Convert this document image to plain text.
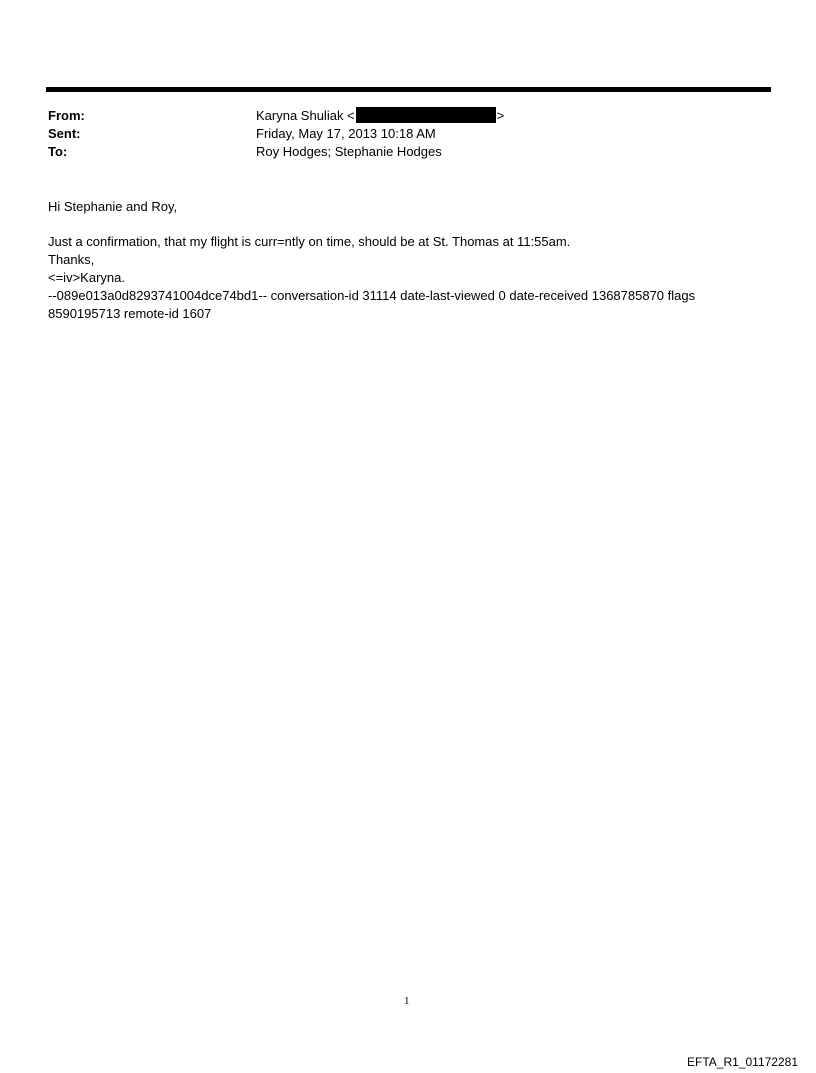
From:	Karyna Shuliak <	>
Sent:	Friday, May 17, 2013 10:18 AM
To:	Roy Hodges; Stephanie Hodges
Hi Stephanie and Roy,
Just a confirmation, that my flight is curr=ntly on time, should be at St. Thomas at 11:55am.
Thanks,
<=iv>Karyna.
--089e013a0d8293741004dce74bd1-- conversation-id 31114 date-last-viewed 0 date-received 1368785870 flags
8590195713 remote-id 1607
1
EFTA_R1_01172281
